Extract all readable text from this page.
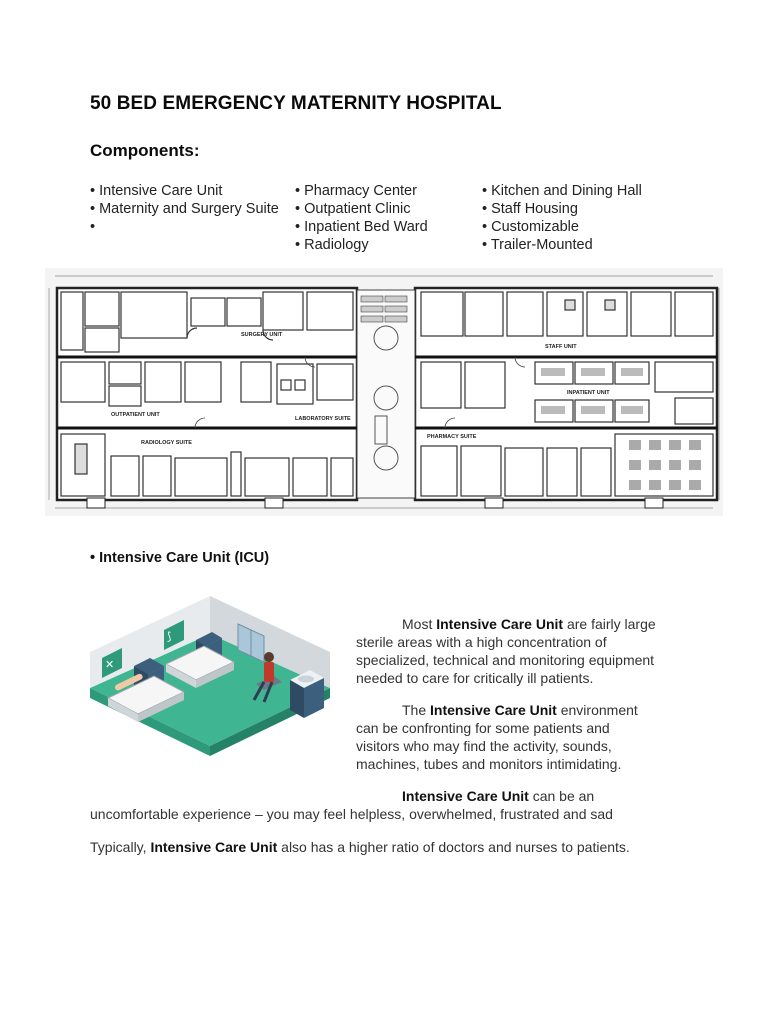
50 BED EMERGENCY MATERNITY HOSPITAL
Components:
• Intensive Care Unit
• Maternity and Surgery Suite
•
• Pharmacy Center
• Outpatient Clinic
• Inpatient Bed Ward
• Radiology
• Kitchen and Dining Hall
• Staff Housing
• Customizable
• Trailer-Mounted
SURGERY UNIT
OUTPATIENT UNIT
LABORATORY SUITE
RADIOLOGY SUITE
STAFF UNIT
INPATIENT UNIT
PHARMACY SUITE
• Intensive Care Unit (ICU)
✕
⟆
Most Intensive Care Unit are fairly large
sterile areas with a high concentration of
specialized, technical and monitoring equipment
needed to care for critically ill patients.
The Intensive Care Unit environment
can be confronting for some patients and
visitors who may find the activity, sounds,
machines, tubes and monitors intimidating.
Intensive Care Unit can be an
uncomfortable experience – you may feel helpless, overwhelmed, frustrated and sad
Typically, Intensive Care Unit also has a higher ratio of doctors and nurses to patients.
